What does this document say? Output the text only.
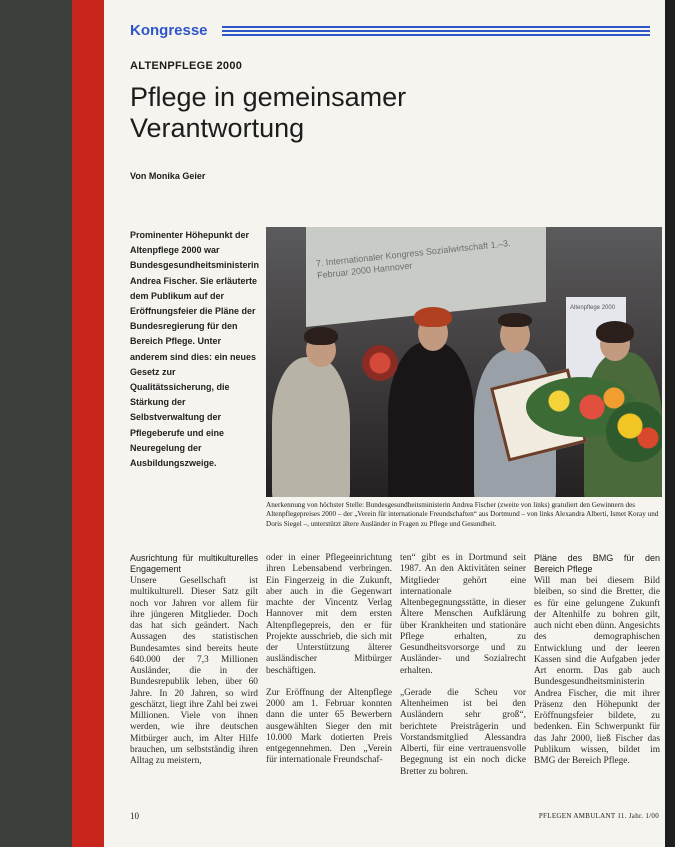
Kongresse
ALTENPFLEGE 2000
Pflege in gemeinsamer Verantwortung
Von Monika Geier
Prominenter Höhepunkt der Altenpflege 2000 war Bundesgesundheitsministerin Andrea Fischer. Sie erläuterte dem Publikum auf der Eröffnungsfeier die Pläne der Bundesregierung für den Bereich Pflege. Unter anderem sind dies: ein neues Gesetz zur Qualitätssicherung, die Stärkung der Selbstverwaltung der Pflegeberufe und eine Neuregelung der Ausbildungszweige.
7. Internationaler Kongress Sozialwirtschaft 1.–3. Februar 2000 Hannover
Altenpflege 2000
Anerkennung von höchster Stelle: Bundesgesundheitsministerin Andrea Fischer (zweite von links) gratuliert den Gewinnern des Altenpflegepreises 2000 – der „Verein für internationale Freundschaften“ aus Dortmund – von links Alexandra Alberti, Ismet Koray und Doris Siegel –, unterstützt ältere Ausländer in Fragen zu Pflege und Gesundheit.
Ausrichtung für multikulturelles Engagement

Unsere Gesellschaft ist multikulturell. Dieser Satz gilt noch vor Jahren vor allem für ihre jüngeren Mitglieder. Doch das hat sich geändert. Nach Aussagen des statistischen Bundesamtes sind bereits heute 640.000 der 7,3 Millionen Ausländer, die in der Bundesrepublik leben, über 60 Jahre. In 20 Jahren, so wird geschätzt, liegt ihre Zahl bei zwei Millionen. Viele von ihnen werden, wie ihre deutschen Mitbürger auch, im Alter Hilfe brauchen, um selbstständig ihren Alltag zu meistern,

oder in einer Pflegeeinrichtung ihren Lebensabend verbringen. Ein Fingerzeig in die Zukunft, aber auch in die Gegenwart machte der Vincentz Verlag Hannover mit dem ersten Altenpflegepreis, den er für Projekte ausschrieb, die sich mit der Unterstützung älterer ausländischer Mitbürger beschäftigen.

Zur Eröffnung der Altenpflege 2000 am 1. Februar konnten dann die unter 65 Bewerbern ausgewählten Sieger den mit 10.000 Mark dotierten Preis entgegennehmen. Den „Verein für internationale Freundschaf-

ten“ gibt es in Dortmund seit 1987. An den Aktivitäten seiner Mitglieder gehört eine internationale Altenbegegnungsstätte, in dieser Ältere Menschen Aufklärung über Krankheiten und stationäre Pflege erhalten, zu Gesundheitsvorsorge und zu Ausländer- und Sozialrecht erhalten.

„Gerade die Scheu vor Altenheimen ist bei den Ausländern sehr groß“, berichtete Preisträgerin und Vorstandsmitglied Alessandra Alberti, für eine vertrauensvolle Begegnung ist ein noch dicke Bretter zu bohren.

Pläne des BMG für den Bereich Pflege

Will man bei diesem Bild bleiben, so sind die Bretter, die es für eine gelungene Zukunft der Altenhilfe zu bohren gilt, auch nicht eben dünn. Angesichts des demographischen Entwicklung und der leeren Kassen sind die Aufgaben jeder Art enorm. Das gab auch Bundesgesundheitsministerin Andrea Fischer, die mit ihrer Präsenz den Höhepunkt der Eröffnungsfeier bildete, zu bedenken. Ein Schwerpunkt für das Jahr 2000, ließ Fischer das Publikum wissen, bildet im BMG der Bereich Pflege.

10	PFLEGEN AMBULANT 11. Jahr. 1/00
